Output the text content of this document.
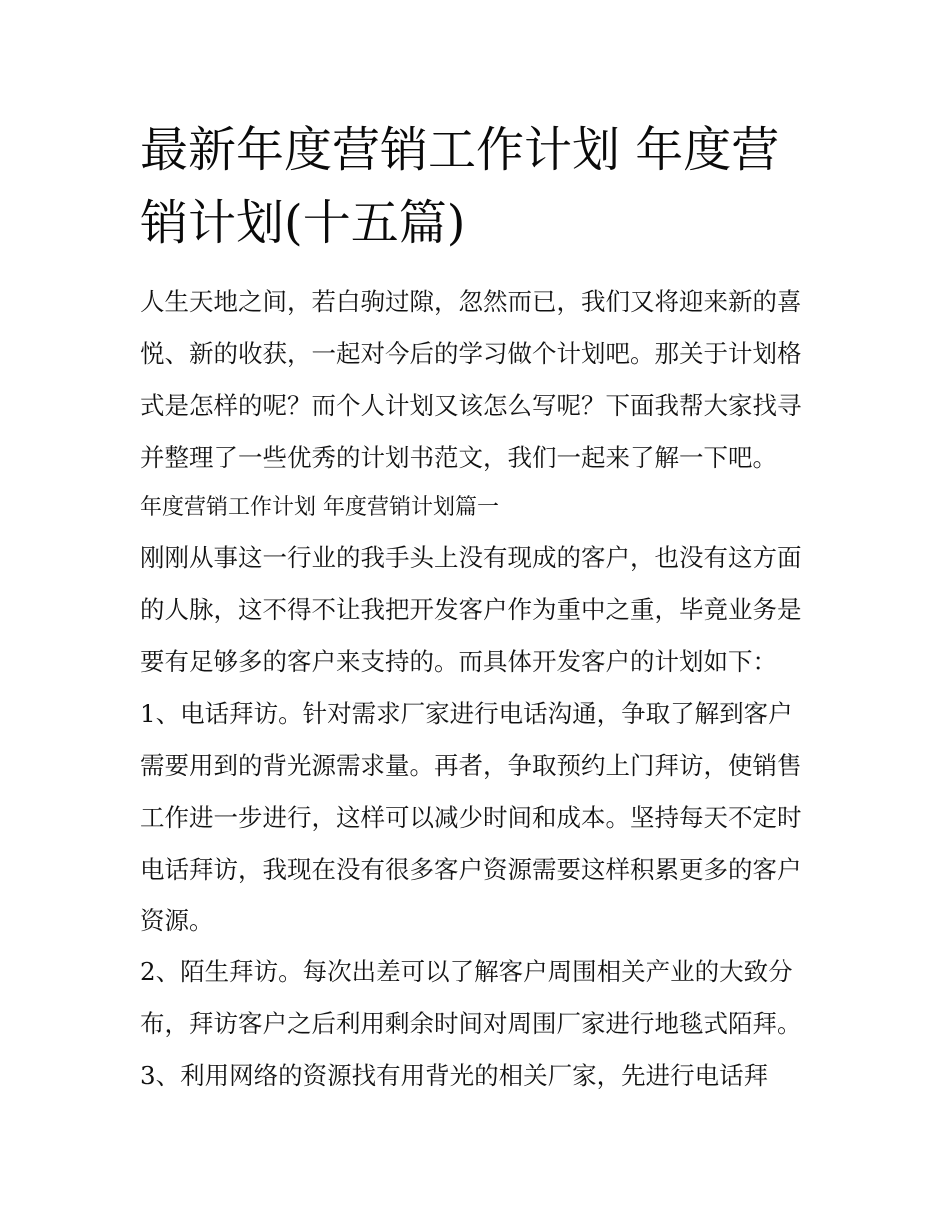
最新年度营销工作计划 年度营
销计划(十五篇)
人生天地之间，若白驹过隙，忽然而已，我们又将迎来新的喜
悦、新的收获，一起对今后的学习做个计划吧。那关于计划格
式是怎样的呢？而个人计划又该怎么写呢？下面我帮大家找寻
并整理了一些优秀的计划书范文，我们一起来了解一下吧。
年度营销工作计划 年度营销计划篇一
刚刚从事这一行业的我手头上没有现成的客户，也没有这方面
的人脉，这不得不让我把开发客户作为重中之重，毕竟业务是
要有足够多的客户来支持的。而具体开发客户的计划如下：
1、电话拜访。针对需求厂家进行电话沟通，争取了解到客户
需要用到的背光源需求量。再者，争取预约上门拜访，使销售
工作进一步进行，这样可以减少时间和成本。坚持每天不定时
电话拜访，我现在没有很多客户资源需要这样积累更多的客户
资源。
2、陌生拜访。每次出差可以了解客户周围相关产业的大致分
布，拜访客户之后利用剩余时间对周围厂家进行地毯式陌拜。
3、利用网络的资源找有用背光的相关厂家，先进行电话拜
